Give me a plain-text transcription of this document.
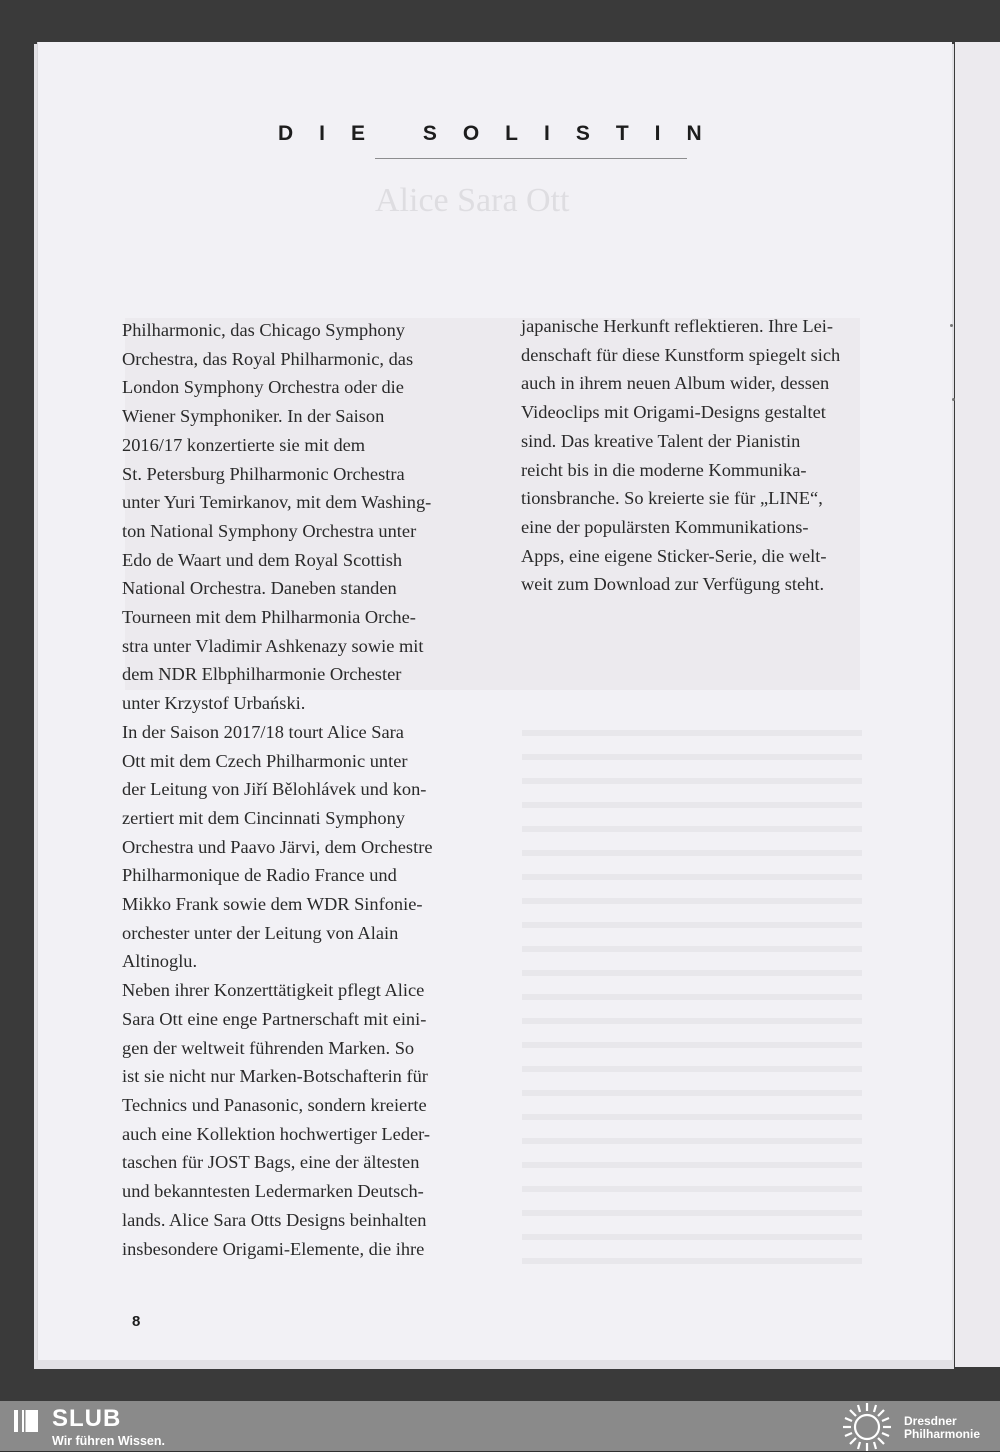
Alice Sara Ott
DIE SOLISTIN
Philharmonic, das Chicago Symphony
Orchestra, das Royal Philharmonic, das
London Symphony Orchestra oder die
Wiener Symphoniker. In der Saison
2016/17 konzertierte sie mit dem
St. Petersburg Philharmonic Orchestra
unter Yuri Temirkanov, mit dem Washing-
ton National Symphony Orchestra unter
Edo de Waart und dem Royal Scottish
National Orchestra. Daneben standen
Tourneen mit dem Philharmonia Orche-
stra unter Vladimir Ashkenazy sowie mit
dem NDR Elbphilharmonie Orchester
unter Krzystof Urbański.
In der Saison 2017/18 tourt Alice Sara
Ott mit dem Czech Philharmonic unter
der Leitung von Jiří Bělohlávek und kon-
zertiert mit dem Cincinnati Symphony
Orchestra und Paavo Järvi, dem Orchestre
Philharmonique de Radio France und
Mikko Frank sowie dem WDR Sinfonie-
orchester unter der Leitung von Alain
Altinoglu.
Neben ihrer Konzerttätigkeit pflegt Alice
Sara Ott eine enge Partnerschaft mit eini-
gen der weltweit führenden Marken. So
ist sie nicht nur Marken-Botschafterin für
Technics und Panasonic, sondern kreierte
auch eine Kollektion hochwertiger Leder-
taschen für JOST Bags, eine der ältesten
und bekanntesten Ledermarken Deutsch-
lands. Alice Sara Otts Designs beinhalten
insbesondere Origami-Elemente, die ihre
japanische Herkunft reflektieren. Ihre Lei-
denschaft für diese Kunstform spiegelt sich
auch in ihrem neuen Album wider, dessen
Videoclips mit Origami-Designs gestaltet
sind. Das kreative Talent der Pianistin
reicht bis in die moderne Kommunika-
tionsbranche. So kreierte sie für „LINE“,
eine der populärsten Kommunikations-
Apps, eine eigene Sticker-Serie, die welt-
weit zum Download zur Verfügung steht.
8
SLUB
Wir führen Wissen.
Dresdner
Philharmonie
